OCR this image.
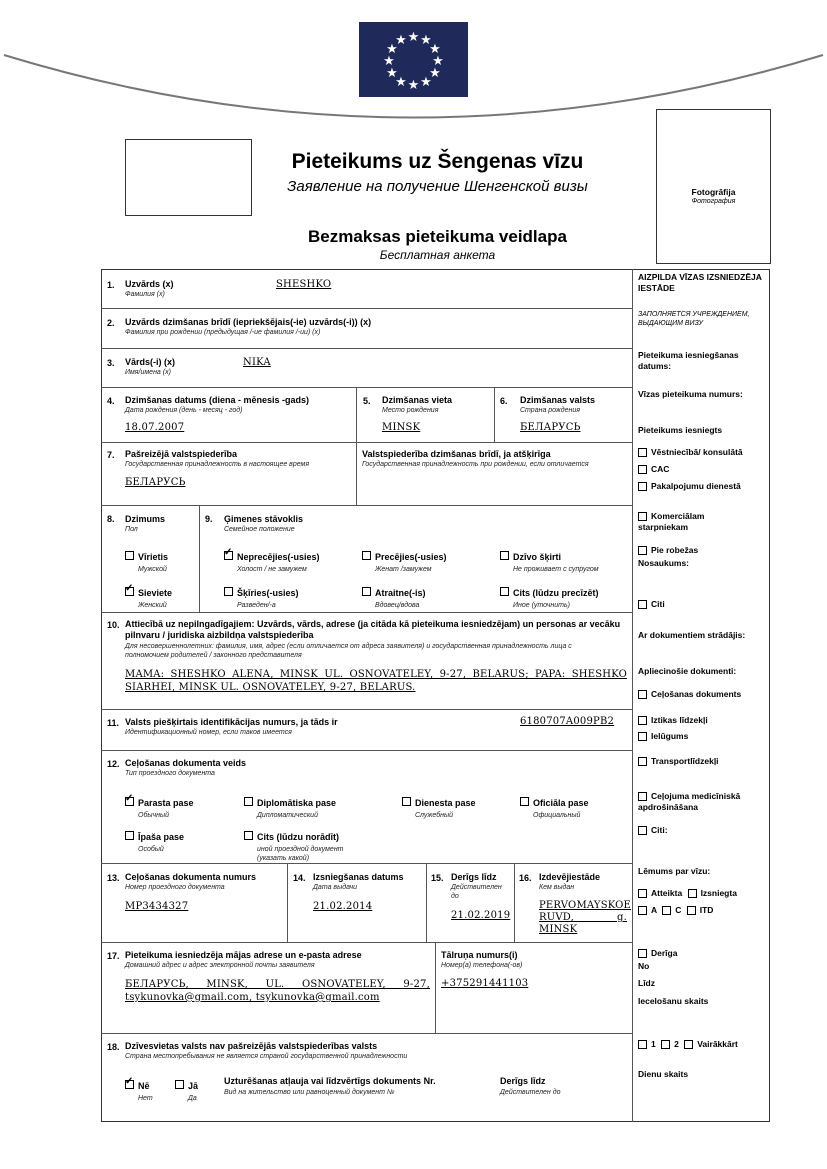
★ ★
★
★
★
★
★
★
★
★
★
★
Pieteikums uz Šengenas vīzu
Заявление на получение Шенгенской визы	Fotogrāfija
Фотография
Bezmaksas pieteikuma veidlapa
Бесплатная анкета
1. Uzvārds (x)
Фамилия (x)
SHESHKO
2. Uzvārds dzimšanas brīdī (iepriekšējais(-ie) uzvārds(-i)) (x)
Фамилия при рождении (предыдущая /-ие фамилия /-ии) (x)
3. Vārds(-i) (x)
Имя/имена (x)
NIKA
4. Dzimšanas datums (diena - mēnesis -gads)
Дата рождения (день - месяц - год)
18.07.2007
5. Dzimšanas vieta
Место рождения
MINSK
6. Dzimšanas valsts
Страна рождения
БЕЛАРУСЬ
7. Pašreizējā valstspiederība
Государственная принадлежность в настоящее время
БЕЛАРУСЬ
Valstspiederība dzimšanas brīdī, ja atšķirīga
Государственная принадлежность при рождении, если отличается
8. Dzimums
Пол
Vīrietis
Мужской
✓Sieviete
Женский
9. Ģimenes stāvoklis
Семейное положение
✓Neprecējies(-usies)
Холост / не замужем
Precējies(-usies)
Женат /замужем
Dzīvo šķirti
Не проживает с супругом
Šķīries(-usies)
Разведен/-а
Atraitne(-is)
Вдовец/вдова
Cits (lūdzu precīzēt)
Иное (уточнить)
10. Attiecībā uz nepilngadīgajiem: Uzvārds, vārds, adrese (ja citāda kā pieteikuma iesniedzējam) un personas ar vecāku pilnvaru / juridiska aizbildņa valstspiederība
Для несовершеннолетних: фамилия, имя, адрес (если отличается от адреса заявителя) и государственная принадлежность лица с полномочием родителей / законного представителя
MAMA: SHESHKO ALENA, MINSK UL. OSNOVATELEY, 9-27, BELARUS; PAPA: SHESHKO SIARHEI, MINSK UL. OSNOVATELEY, 9-27, BELARUS.
11. Valsts piešķirtais identifikācijas numurs, ja tāds ir
Идентификационный номер, если таков имеется
6180707A009PB2
12. Ceļošanas dokumenta veids
Тип проездного документа
✓Parasta pase
Обычный
Diplomātiska pase
Дипломатический
Dienesta pase
Служебный
Oficiāla pase
Официальный
Īpaša pase
Особый
Cits (lūdzu norādīt)
иной проездной документ (указать какой)
13. Ceļošanas dokumenta numurs
Номер проездного документа
MP3434327
14. Izsniegšanas datums
Дата выдачи
21.02.2014
15. Derīgs līdz
Действителен до
21.02.2019
16. Izdevējiestāde
Кем выдан
PERVOMAYSKOE RUVD, g. MINSK
17. Pieteikuma iesniedzēja mājas adrese un e-pasta adrese
Домашний адрес и адрес электронной почты заявителя
БЕЛАРУСЬ, MINSK, UL. OSNOVATELEY, 9-27, tsykunovka@gmail.com, tsykunovka@gmail.com
Tālruņa numurs(i)
Номер(а) телефона(-ов)
+375291441103
18. Dzīvesvietas valsts nav pašreizējās valstspiederības valsts
Страна местопребывания не является страной государственной принадлежности
✓Nē
Нет
Jā
Да
Uzturēšanas atļauja vai līdzvērtīgs dokuments Nr.
Вид на жительство или равноценный документ №
Derīgs līdz
Действителен до
AIZPILDA VĪZAS IZSNIEDZĒJA IESTĀDE
ЗАПОЛНЯЕТСЯ УЧРЕЖДЕНИЕМ, ВЫДАЮЩИМ ВИЗУ
Pieteikuma iesniegšanas datums:
Vīzas pieteikuma numurs:
Pieteikums iesniegts
Vēstniecībā/ konsulātā
CAC
Pakalpojumu dienestā
Komerciālam starpniekam
Pie robežas
Nosaukums:
Citi
Ar dokumentiem strādājis:
Apliecinošie dokumenti:
Ceļošanas dokuments
Iztikas līdzekļi
Ielūgums
Transportlīdzekļi
Ceļojuma medicīniskā apdrošināšana
Citi:
Lēmums par vīzu:
Atteikta Izsniegta
A C ITD
Derīga
No
Līdz
Iecelošanu skaits
1 2 Vairākkārt
Dienu skaits
